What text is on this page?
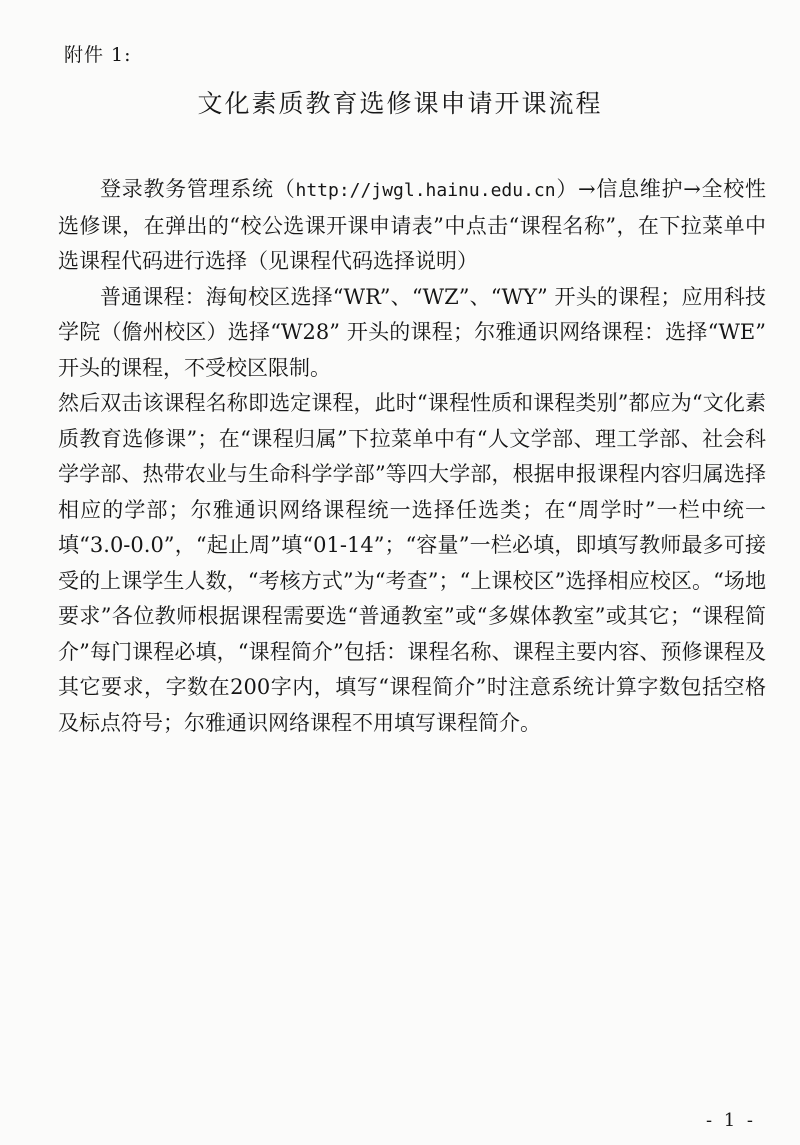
附件 1:
文化素质教育选修课申请开课流程

登录教务管理系统（http://jwgl.hainu.edu.cn）→信息维护→全校性选修课，在弹出的“校公选课开课申请表”中点击“课程名称”，在下拉菜单中选课程代码进行选择（见课程代码选择说明）

普通课程：海甸校区选择“WR”、“WZ”、“WY” 开头的课程；应用科技学院（儋州校区）选择“W28” 开头的课程；尔雅通识网络课程：选择“WE” 开头的课程，不受校区限制。

然后双击该课程名称即选定课程，此时“课程性质和课程类别”都应为“文化素质教育选修课”；在“课程归属”下拉菜单中有“人文学部、理工学部、社会科学学部、热带农业与生命科学学部”等四大学部，根据申报课程内容归属选择相应的学部；尔雅通识网络课程统一选择任选类；在“周学时”一栏中统一填“3.0-0.0”，“起止周”填“01-14”；“容量”一栏必填，即填写教师最多可接受的上课学生人数，“考核方式”为“考查”；“上课校区”选择相应校区。“场地要求”各位教师根据课程需要选“普通教室”或“多媒体教室”或其它；“课程简介”每门课程必填，“课程简介”包括：课程名称、课程主要内容、预修课程及其它要求，字数在200字内，填写“课程简介”时注意系统计算字数包括空格及标点符号；尔雅通识网络课程不用填写课程简介。

- 1 -
